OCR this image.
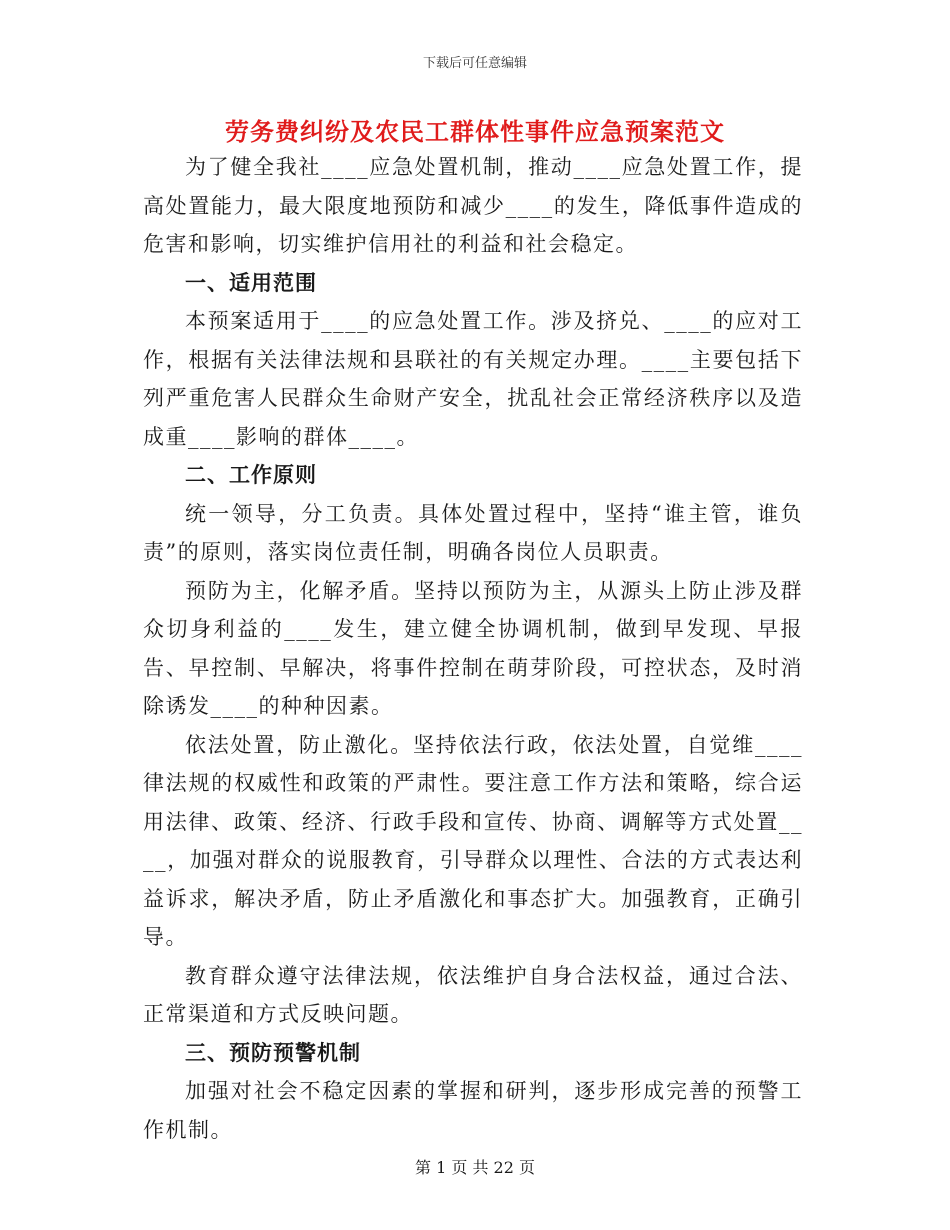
下载后可任意编辑
劳务费纠纷及农民工群体性事件应急预案范文

为了健全我社____应急处置机制，推动____应急处置工作，提高处置能力，最大限度地预防和减少____的发生，降低事件造成的危害和影响，切实维护信用社的利益和社会稳定。

一、适用范围

本预案适用于____的应急处置工作。涉及挤兑、____的应对工作，根据有关法律法规和县联社的有关规定办理。____主要包括下列严重危害人民群众生命财产安全，扰乱社会正常经济秩序以及造成重____影响的群体____。

二、工作原则

统一领导，分工负责。具体处置过程中，坚持“谁主管，谁负责”的原则，落实岗位责任制，明确各岗位人员职责。

预防为主，化解矛盾。坚持以预防为主，从源头上防止涉及群众切身利益的____发生，建立健全协调机制，做到早发现、早报告、早控制、早解决，将事件控制在萌芽阶段，可控状态，及时消除诱发____的种种因素。

依法处置，防止激化。坚持依法行政，依法处置，自觉维____律法规的权威性和政策的严肃性。要注意工作方法和策略，综合运用法律、政策、经济、行政手段和宣传、协商、调解等方式处置____，加强对群众的说服教育，引导群众以理性、合法的方式表达利益诉求，解决矛盾，防止矛盾激化和事态扩大。加强教育，正确引导。

教育群众遵守法律法规，依法维护自身合法权益，通过合法、正常渠道和方式反映问题。

三、预防预警机制

加强对社会不稳定因素的掌握和研判，逐步形成完善的预警工作机制。

第 1 页 共 22 页
